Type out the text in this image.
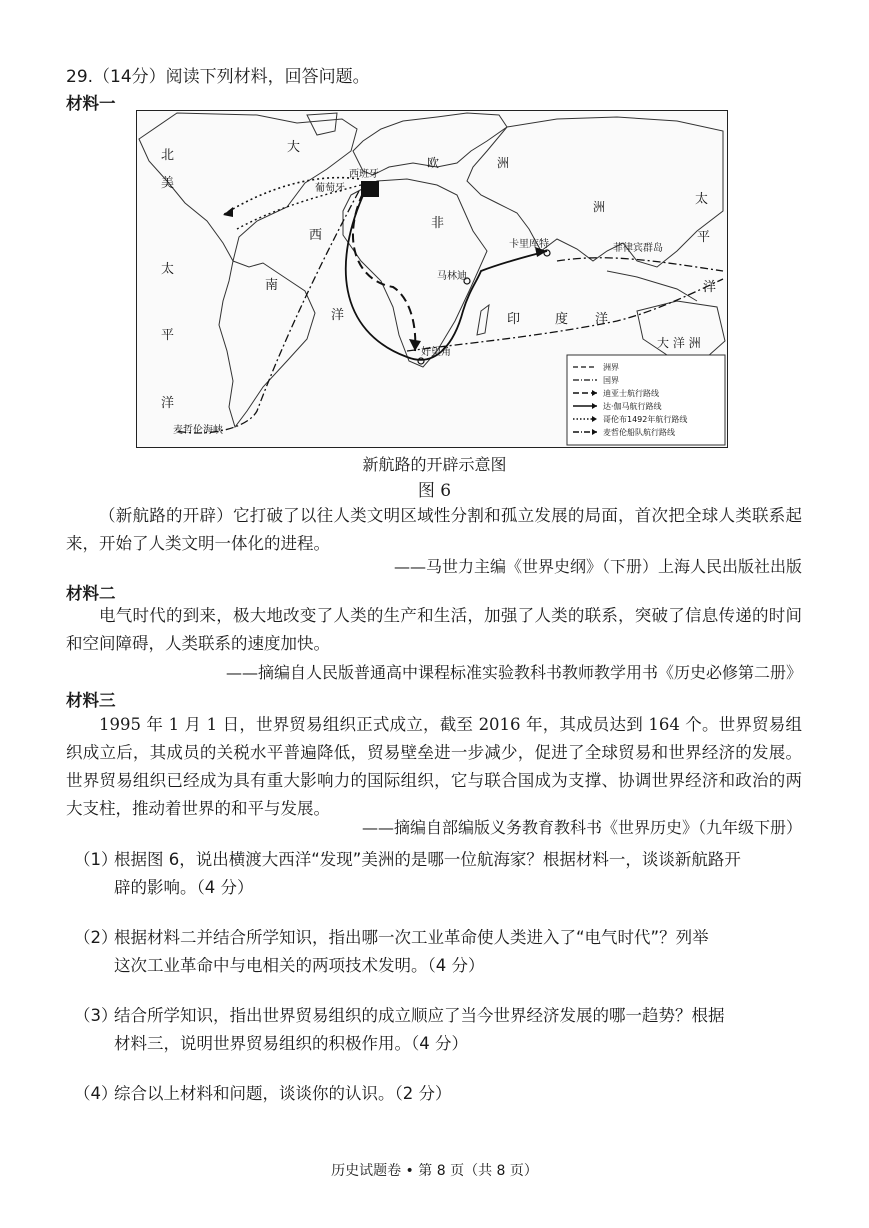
29.（14分）阅读下列材料，回答问题。
材料一
北
美
太
平
洋
南
大
西
洋
欧	洲
洲
非
印	度 洋
太
平
洋
大 洋 洲
西班牙
葡萄牙
卡里库特	菲律宾群岛
马林迪
好望角
麦哲伦海峡
洲界
国界
迪亚士航行路线
达·伽马航行路线
哥伦布1492年航行路线
麦哲伦船队航行路线
新航路的开辟示意图
图 6
（新航路的开辟）它打破了以往人类文明区域性分割和孤立发展的局面，首次把全球人类联系起来，开始了人类文明一体化的进程。
——马世力主编《世界史纲》（下册）上海人民出版社出版
材料二
电气时代的到来，极大地改变了人类的生产和生活，加强了人类的联系，突破了信息传递的时间和空间障碍，人类联系的速度加快。
——摘编自人民版普通高中课程标准实验教科书教师教学用书《历史必修第二册》
材料三
1995 年 1 月 1 日，世界贸易组织正式成立，截至 2016 年，其成员达到 164 个。世界贸易组织成立后，其成员的关税水平普遍降低，贸易壁垒进一步减少，促进了全球贸易和世界经济的发展。世界贸易组织已经成为具有重大影响力的国际组织，它与联合国成为支撑、协调世界经济和政治的两大支柱，推动着世界的和平与发展。
——摘编自部编版义务教育教科书《世界历史》（九年级下册）
（1）根据图 6，说出横渡大西洋“发现”美洲的是哪一位航海家？根据材料一，谈谈新航路开
辟的影响。（4 分）
（2）根据材料二并结合所学知识，指出哪一次工业革命使人类进入了“电气时代”？列举
这次工业革命中与电相关的两项技术发明。（4 分）
（3）结合所学知识，指出世界贸易组织的成立顺应了当今世界经济发展的哪一趋势？根据
材料三，说明世界贸易组织的积极作用。（4 分）
（4）综合以上材料和问题，谈谈你的认识。（2 分）
历史试题卷 • 第 8 页（共 8 页）
